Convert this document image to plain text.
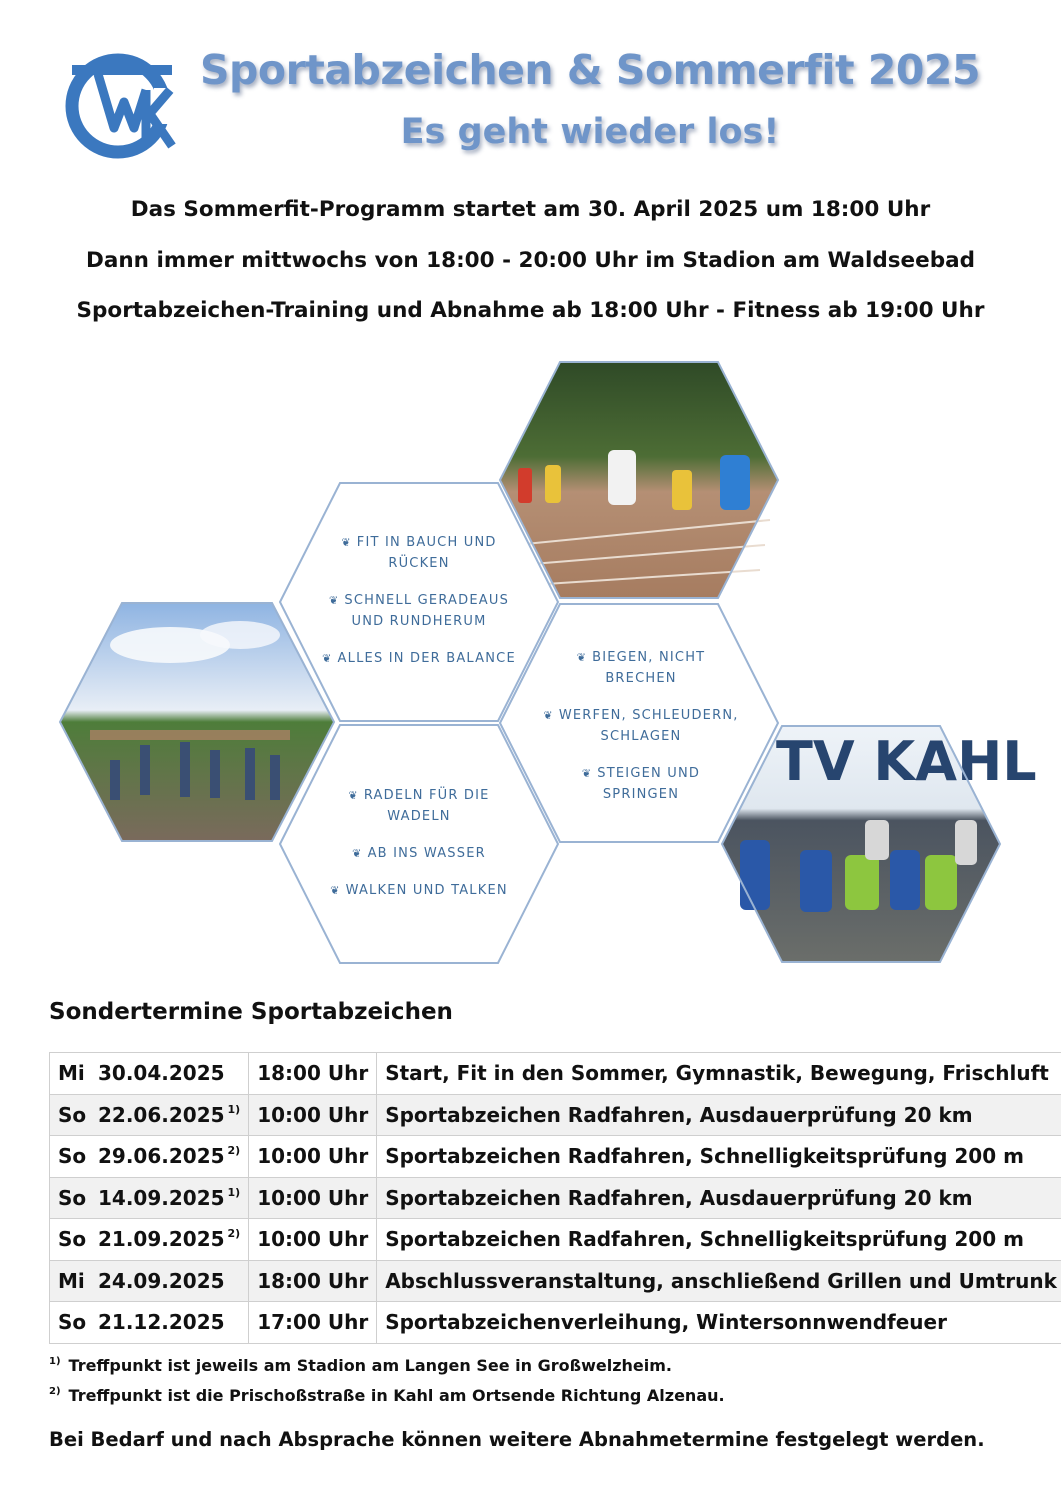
Sportabzeichen & Sommerfit 2025
Es geht wieder los!
Das Sommerfit-Programm startet am 30. April 2025 um 18:00 Uhr
Dann immer mittwochs von 18:00 - 20:00 Uhr im Stadion am Waldseebad
Sportabzeichen-Training und Abnahme ab 18:00 Uhr - Fitness ab 19:00 Uhr
TV KAHL
❦ FIT IN BAUCH UND RÜCKEN
❦ SCHNELL GERADEAUS UND RUNDHERUM
❦ ALLES IN DER BALANCE	❦ BIEGEN, NICHT BRECHEN
❦ WERFEN, SCHLEUDERN, SCHLAGEN
❦ STEIGEN UND SPRINGEN
❦ RADELN FÜR DIE WADELN
❦ AB INS WASSER
❦ WALKEN UND TALKEN
Sondertermine Sportabzeichen
Mi 30.04.2025	18:00 Uhr	Start, Fit in den Sommer, Gymnastik, Bewegung, Frischluft
So 22.06.2025 $^{1)}$	10:00 Uhr	Sportabzeichen Radfahren, Ausdauerprüfung 20 km
So 29.06.2025 $^{2)}$	10:00 Uhr	Sportabzeichen Radfahren, Schnelligkeitsprüfung 200 m
So 14.09.2025 $^{1)}$	10:00 Uhr	Sportabzeichen Radfahren, Ausdauerprüfung 20 km
So 21.09.2025 $^{2)}$	10:00 Uhr	Sportabzeichen Radfahren, Schnelligkeitsprüfung 200 m
Mi 24.09.2025	18:00 Uhr	Abschlussveranstaltung, anschließend Grillen und Umtrunk
So 21.12.2025	17:00 Uhr	Sportabzeichenverleihung, Wintersonnwendfeuer
$^{1)}$ Treffpunkt ist jeweils am Stadion am Langen See in Großwelzheim.
$^{2)}$ Treffpunkt ist die Prischoßstraße in Kahl am Ortsende Richtung Alzenau.
Bei Bedarf und nach Absprache können weitere Abnahmetermine festgelegt werden.
